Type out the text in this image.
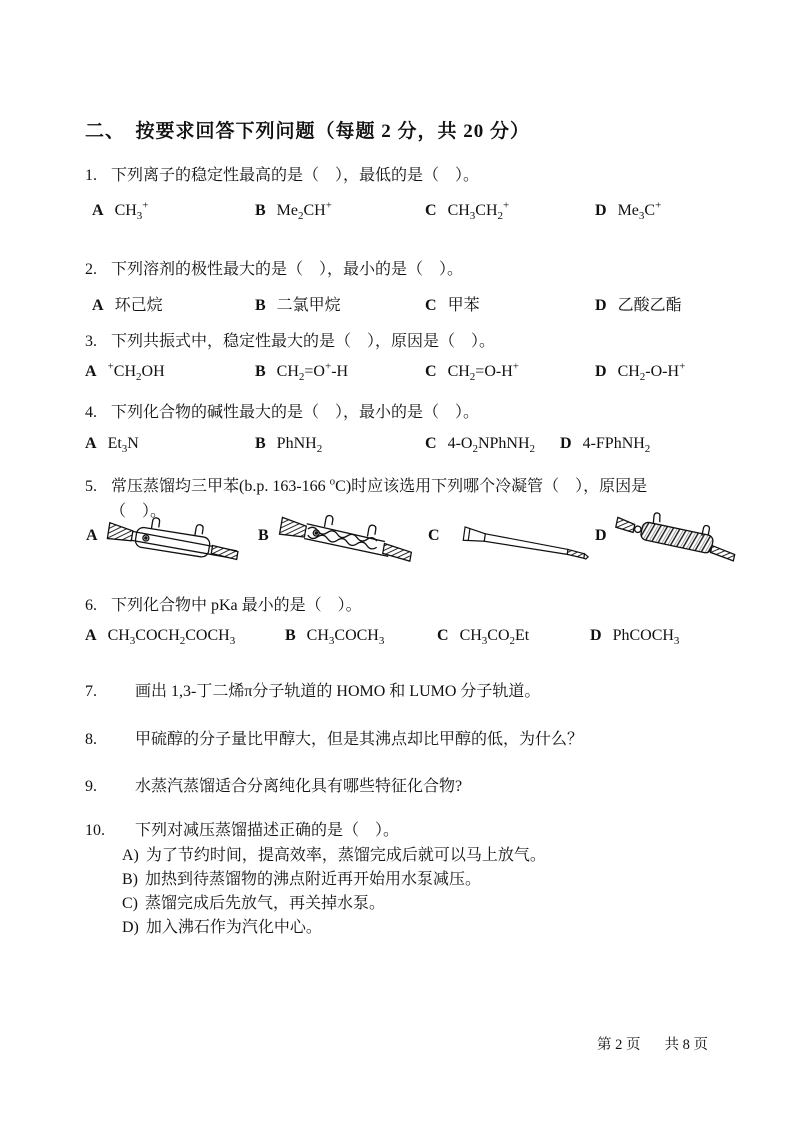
二、　按要求回答下列问题（每题 2 分，共 20 分）
1. 下列离子的稳定性最高的是（　），最低的是（　）。
A $CH_3^+$	B $Me_2CH^+$	C $CH_3CH_2^+$	D $Me_3C^+$
2. 下列溶剂的极性最大的是（　），最小的是（　）。
A 环己烷	B 二氯甲烷	C 甲苯	D 乙酸乙酯
3. 下列共振式中，稳定性最大的是（　），原因是（　）。
A $^+CH_2OH$	B $CH_2=O^+-H$	C $CH_2=O-H^+$	D $CH_2-O-H^+$
4. 下列化合物的碱性最大的是（　），最小的是（　）。
A $Et_3N$	B PhNH$_2$	C $4-O_2NPhNH_2$ D 4-FPhNH$_2$
5. 常压蒸馏均三甲苯(b.p. 163-166 $^o$C)时应该选用下列哪个冷凝管（　），原因是
（　）。
A	B	C	D
6. 下列化合物中 pKa 最小的是（　）。
A $CH_3COCH_2COCH_3$	B $CH_3COCH_3$	C $CH_3CO_2Et$	D PhCOCH$_3$
7. 画出 1,3-丁二烯π分子轨道的 HOMO 和 LUMO 分子轨道。
8. 甲硫醇的分子量比甲醇大，但是其沸点却比甲醇的低，为什么？
9. 水蒸汽蒸馏适合分离纯化具有哪些特征化合物?
10. 下列对减压蒸馏描述正确的是（　）。
A) 为了节约时间，提高效率，蒸馏完成后就可以马上放气。
B) 加热到待蒸馏物的沸点附近再开始用水泵减压。
C) 蒸馏完成后先放气，再关掉水泵。
D) 加入沸石作为汽化中心。
第 2 页 共 8 页
